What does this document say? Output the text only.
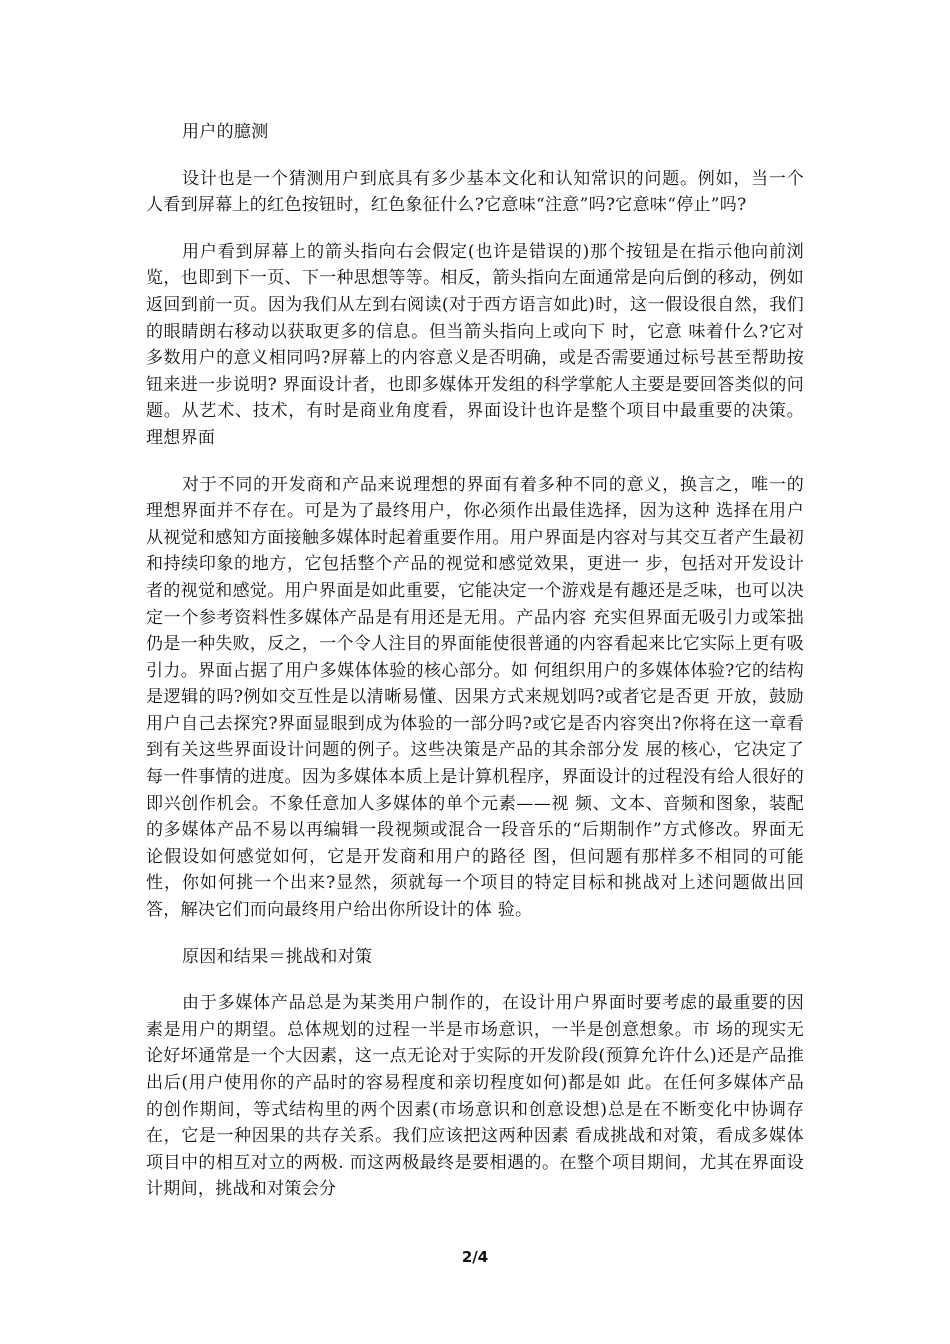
用户的臆测

设计也是一个猜测用户到底具有多少基本文化和认知常识的问题。例如，当一个人看到屏幕上的红色按钮时，红色象征什么?它意味“注意”吗?它意味“停止”吗?

用户看到屏幕上的箭头指向右会假定(也许是错误的)那个按钮是在指示他向前浏览，也即到下一页、下一种思想等等。相反，箭头指向左面通常是向后倒的移动，例如返回到前一页。因为我们从左到右阅读(对于西方语言如此)时，这一假设很自然，我们的眼睛朗右移动以获取更多的信息。但当箭头指向上或向下 时，它意 味着什么?它对多数用户的意义相同吗?屏幕上的内容意义是否明确，或是否需要通过标号甚至帮助按钮来进一步说明? 界面设计者，也即多媒体开发组的科学掌舵人主要是要回答类似的问题。从艺术、技术，有时是商业角度看，界面设计也许是整个项目中最重要的决策。 理想界面

对于不同的开发商和产品来说理想的界面有着多种不同的意义，换言之，唯一的理想界面并不存在。可是为了最终用户，你必须作出最佳选择，因为这种 选择在用户从视觉和感知方面接触多媒体时起着重要作用。用户界面是内容对与其交互者产生最初和持续印象的地方，它包括整个产品的视觉和感觉效果，更进一 步，包括对开发设计者的视觉和感觉。用户界面是如此重要，它能决定一个游戏是有趣还是乏味，也可以决定一个参考资料性多媒体产品是有用还是无用。产品内容 充实但界面无吸引力或笨拙仍是一种失败，反之，一个令人注目的界面能使很普通的内容看起来比它实际上更有吸引力。界面占据了用户多媒体体验的核心部分。如 何组织用户的多媒体体验?它的结构是逻辑的吗?例如交互性是以清晰易懂、因果方式来规划吗?或者它是否更 开放，鼓励用户自己去探究?界面显眼到成为体验的一部分吗?或它是否内容突出?你将在这一章看到有关这些界面设计问题的例子。这些决策是产品的其余部分发 展的核心，它决定了每一件事情的进度。因为多媒体本质上是计算机程序，界面设计的过程没有给人很好的即兴创作机会。不象任意加人多媒体的单个元素——视 频、文本、音频和图象，装配的多媒体产品不易以再编辑一段视频或混合一段音乐的“后期制作”方式修改。界面无论假设如何感觉如何，它是开发商和用户的路径 图，但问题有那样多不相同的可能性，你如何挑一个出来?显然，须就每一个项目的特定目标和挑战对上述问题做出回答，解决它们而向最终用户给出你所设计的体 验。

原因和结果＝挑战和对策

由于多媒体产品总是为某类用户制作的，在设计用户界面时要考虑的最重要的因素是用户的期望。总体规划的过程一半是市场意识，一半是创意想象。市 场的现实无论好坏通常是一个大因素，这一点无论对于实际的开发阶段(预算允许什么)还是产品推出后(用户使用你的产品时的容易程度和亲切程度如何)都是如 此。在任何多媒体产品的创作期间，等式结构里的两个因素(市场意识和创意设想)总是在不断变化中协调存在，它是一种因果的共存关系。我们应该把这两种因素 看成挑战和对策，看成多媒体项目中的相互对立的两极. 而这两极最终是要相遇的。在整个项目期间，尤其在界面设计期间，挑战和对策会分

2/4
